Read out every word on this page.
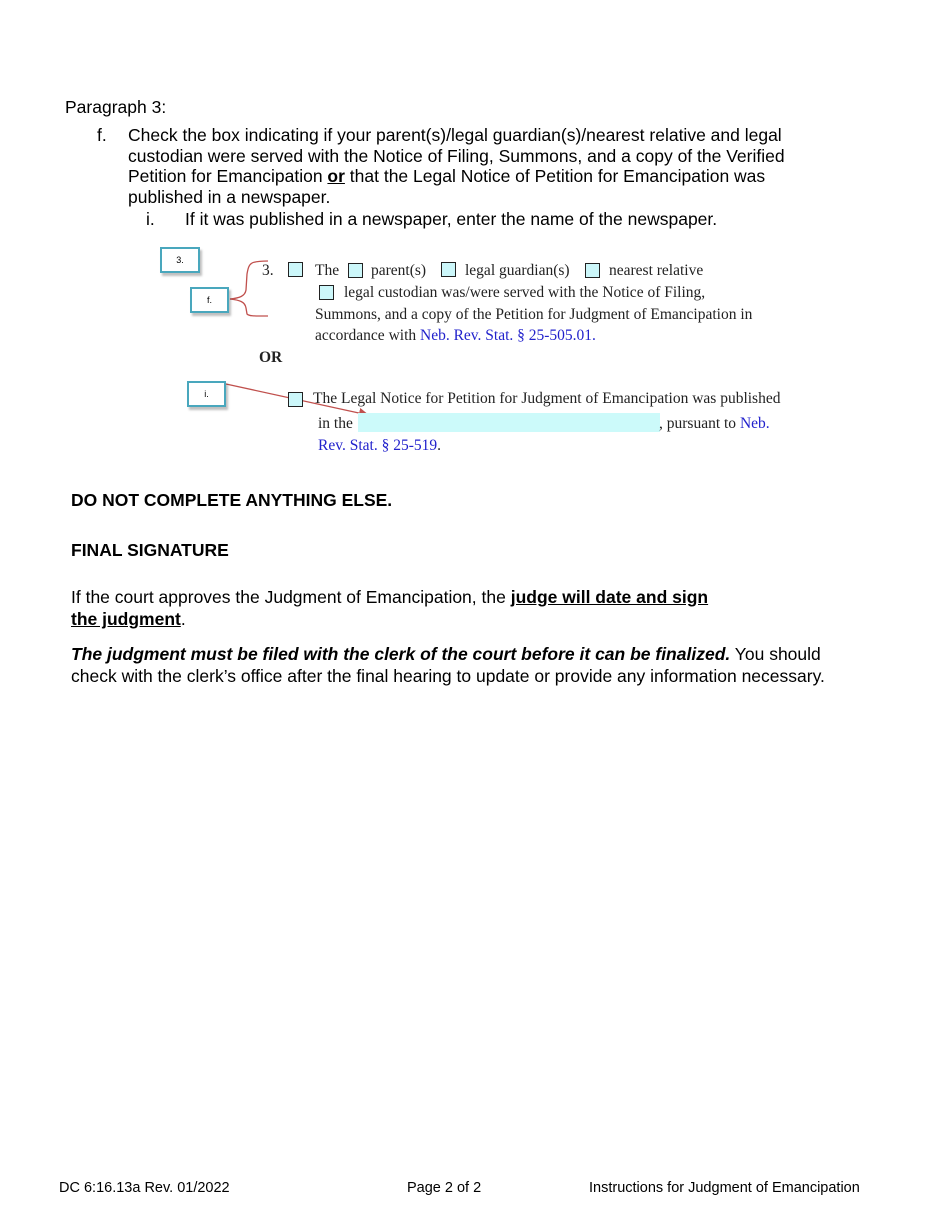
Paragraph 3:
f. Check the box indicating if your parent(s)/legal guardian(s)/nearest relative and legal custodian were served with the Notice of Filing, Summons, and a copy of the Verified Petition for Emancipation or that the Legal Notice of Petition for Emancipation was published in a newspaper.
i. If it was published in a newspaper, enter the name of the newspaper.
3.
f.
i.
3.	The parent(s)	legal guardian(s)	nearest relative
legal custodian was/were served with the Notice of Filing,
Summons, and a copy of the Petition for Judgment of Emancipation in
accordance with Neb. Rev. Stat. § 25-505.01.
OR
The Legal Notice for Petition for Judgment of Emancipation was published
in the	, pursuant to Neb.
Rev. Stat. § 25-519.
DO NOT COMPLETE ANYTHING ELSE.
FINAL SIGNATURE
If the court approves the Judgment of Emancipation, the judge will date and sign
the judgment.
The judgment must be filed with the clerk of the court before it can be finalized. You should check with the clerk’s office after the final hearing to update or provide any information necessary.
DC 6:16.13a Rev. 01/2022	Page 2 of 2	Instructions for Judgment of Emancipation
